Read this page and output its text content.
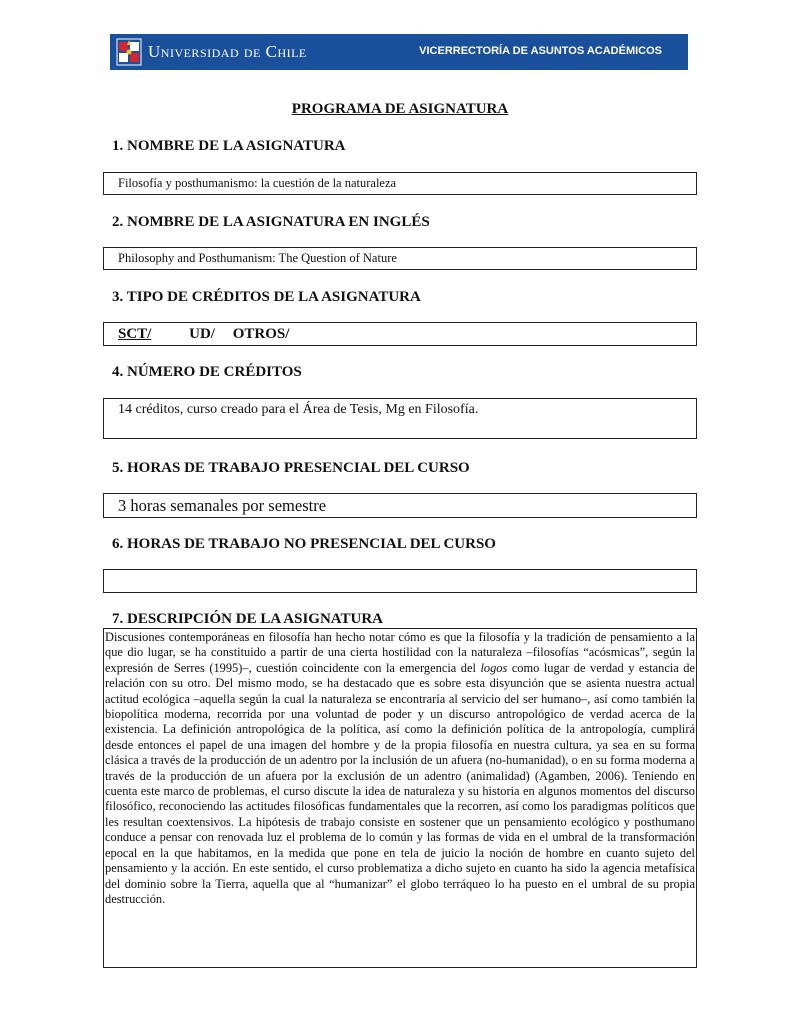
Universidad de Chile	VICERRECTORÍA DE ASUNTOS ACADÉMICOS
PROGRAMA DE ASIGNATURA
1. NOMBRE DE LA ASIGNATURA
Filosofía y posthumanismo: la cuestión de la naturaleza
2. NOMBRE DE LA ASIGNATURA EN INGLÉS
Philosophy and Posthumanism: The Question of Nature
3. TIPO DE CRÉDITOS DE LA ASIGNATURA
SCT/	UD/ OTROS/
4. NÚMERO DE CRÉDITOS
14 créditos, curso creado para el Área de Tesis, Mg en Filosofía.
5. HORAS DE TRABAJO PRESENCIAL DEL CURSO
3 horas semanales por semestre
6. HORAS DE TRABAJO NO PRESENCIAL DEL CURSO
7. DESCRIPCIÓN DE LA ASIGNATURA

Discusiones contemporáneas en filosofía han hecho notar cómo es que la filosofía y la tradición de pensamiento a la que dio lugar, se ha constituido a partir de una cierta hostilidad con la naturaleza –filosofías “acósmicas”, según la expresión de Serres (1995)–, cuestión coincidente con la emergencia del logos como lugar de verdad y estancia de relación con su otro. Del mismo modo, se ha destacado que es sobre esta disyunción que se asienta nuestra actual actitud ecológica –aquella según la cual la naturaleza se encontraría al servicio del ser humano–, así como también la biopolítica moderna, recorrida por una voluntad de poder y un discurso antropológico de verdad acerca de la existencia. La definición antropológica de la política, así como la definición política de la antropología, cumplirá desde entonces el papel de una imagen del hombre y de la propia filosofía en nuestra cultura, ya sea en su forma clásica a través de la producción de un adentro por la inclusión de un afuera (no-humanidad), o en su forma moderna a través de la producción de un afuera por la exclusión de un adentro (animalidad) (Agamben, 2006). Teniendo en cuenta este marco de problemas, el curso discute la idea de naturaleza y su historia en algunos momentos del discurso filosófico, reconociendo las actitudes filosóficas fundamentales que la recorren, así como los paradigmas políticos que les resultan coextensivos. La hipótesis de trabajo consiste en sostener que un pensamiento ecológico y posthumano conduce a pensar con renovada luz el problema de lo común y las formas de vida en el umbral de la transformación epocal en la que habitamos, en la medida que pone en tela de juicio la noción de hombre en cuanto sujeto del pensamiento y la acción. En este sentido, el curso problematiza a dicho sujeto en cuanto ha sido la agencia metafísica del dominio sobre la Tierra, aquella que al “humanizar” el globo terráqueo lo ha puesto en el umbral de su propia destrucción.
